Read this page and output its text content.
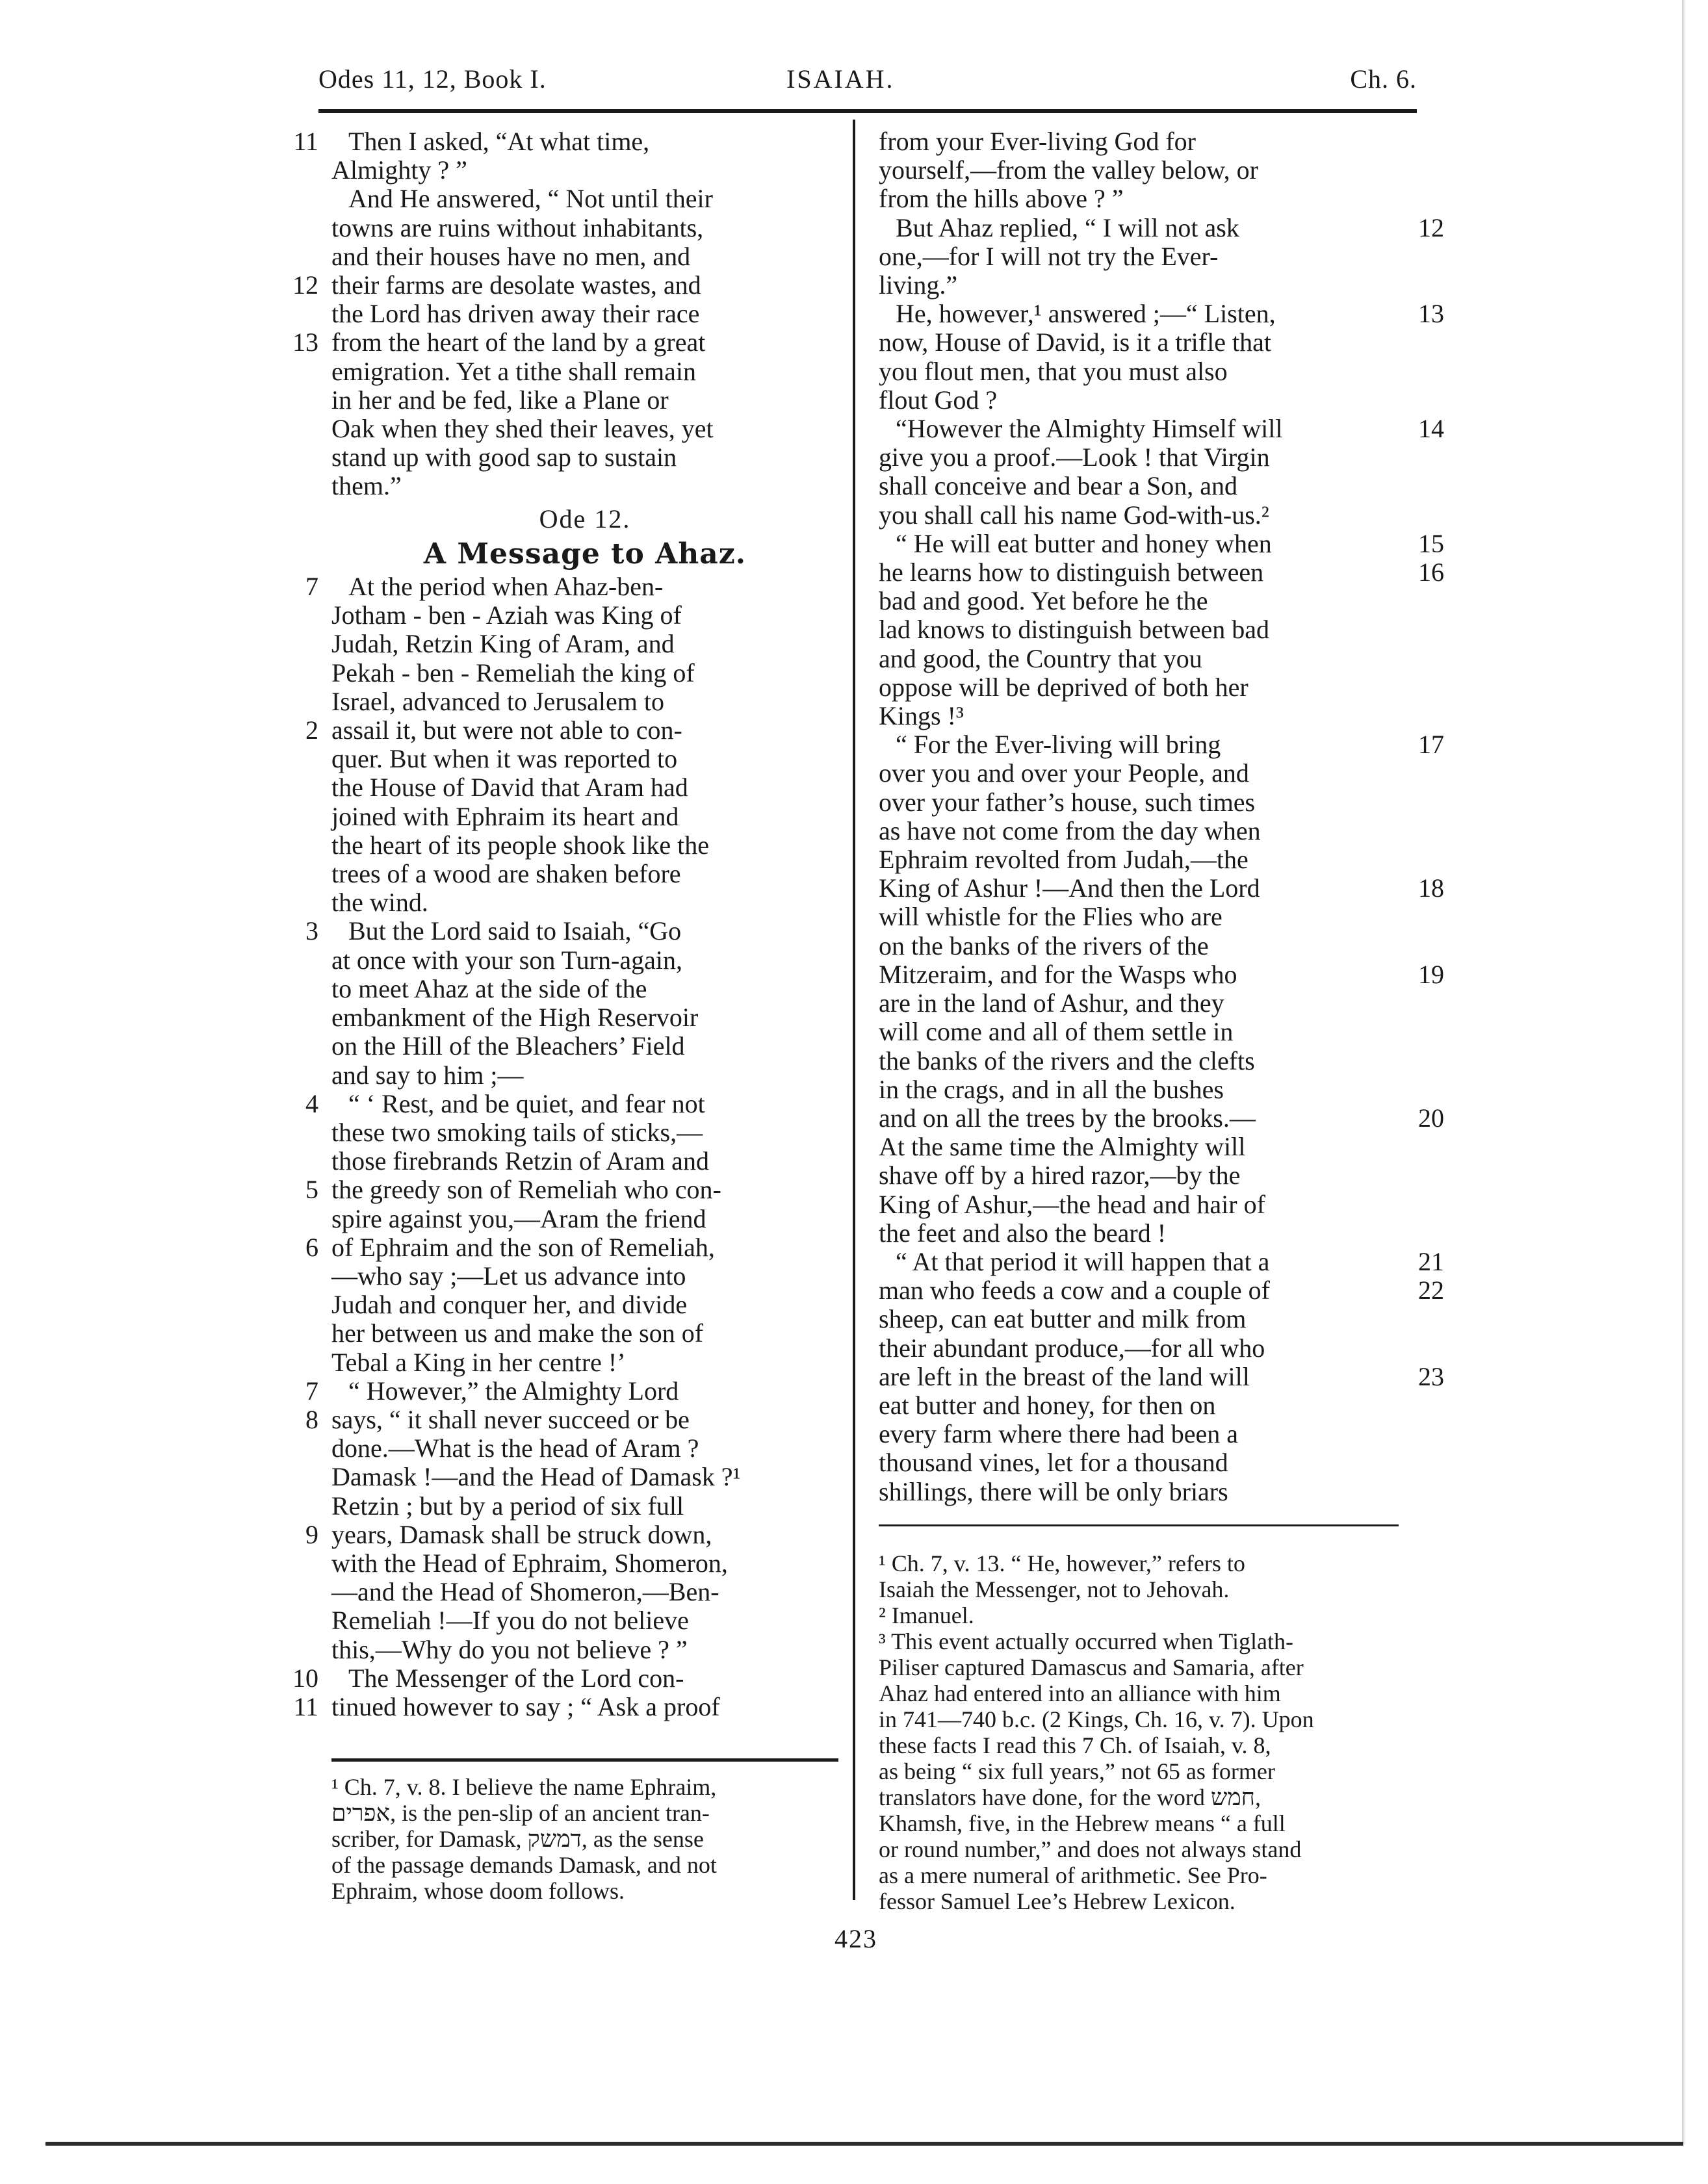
Odes 11, 12, Book I.	ISAIAH.	Ch. 6.
11	Then I asked, “At what time,
Almighty ? ”
And He answered, “ Not until their
towns are ruins without inhabitants,
and their houses have no men, and
12 their farms are desolate wastes, and
the Lord has driven away their race
13 from the heart of the land by a great
emigration. Yet a tithe shall remain
in her and be fed, like a Plane or
Oak when they shed their leaves, yet
stand up with good sap to sustain
them.”
Ode 12.
A Message to Ahaz.
7	At the period when Ahaz-ben-
Jotham - ben - Aziah was King of
Judah, Retzin King of Aram, and
Pekah - ben - Remeliah the king of
Israel, advanced to Jerusalem to
2 assail it, but were not able to con-
quer. But when it was reported to
the House of David that Aram had
joined with Ephraim its heart and
the heart of its people shook like the
trees of a wood are shaken before
the wind.
3	But the Lord said to Isaiah, “Go
at once with your son Turn-again,
to meet Ahaz at the side of the
embankment of the High Reservoir
on the Hill of the Bleachers’ Field
and say to him ;—
4	“ ‘ Rest, and be quiet, and fear not
these two smoking tails of sticks,—
those firebrands Retzin of Aram and
5 the greedy son of Remeliah who con-
spire against you,—Aram the friend
6 of Ephraim and the son of Remeliah,
—who say ;—Let us advance into
Judah and conquer her, and divide
her between us and make the son of
Tebal a King in her centre !’
7	“ However,” the Almighty Lord
8 says, “ it shall never succeed or be
done.—What is the head of Aram ?
Damask !—and the Head of Damask ?¹
Retzin ; but by a period of six full
9 years, Damask shall be struck down,
with the Head of Ephraim, Shomeron,
—and the Head of Shomeron,—Ben-
Remeliah !—If you do not believe
this,—Why do you not believe ? ”
10	The Messenger of the Lord con-
11 tinued however to say ; “ Ask a proof
from your Ever-living God for
yourself,—from the valley below, or
from the hills above ? ”
12
But Ahaz replied, “ I will not ask
one,—for I will not try the Ever-
living.”
13
He, however,¹ answered ;—“ Listen,
now, House of David, is it a trifle that
you flout men, that you must also
flout God ?
14
“However the Almighty Himself will
give you a proof.—Look ! that Virgin
shall conceive and bear a Son, and
you shall call his name God-with-us.²
15
“ He will eat butter and honey when
16
he learns how to distinguish between
bad and good. Yet before he the
lad knows to distinguish between bad
and good, the Country that you
oppose will be deprived of both her
Kings !³
17
“ For the Ever-living will bring
over you and over your People, and
over your father’s house, such times
as have not come from the day when
Ephraim revolted from Judah,—the
18
King of Ashur !—And then the Lord
will whistle for the Flies who are
on the banks of the rivers of the
19
Mitzeraim, and for the Wasps who
are in the land of Ashur, and they
will come and all of them settle in
the banks of the rivers and the clefts
in the crags, and in all the bushes
20
and on all the trees by the brooks.—
At the same time the Almighty will
shave off by a hired razor,—by the
King of Ashur,—the head and hair of
the feet and also the beard !
21
“ At that period it will happen that a
22
man who feeds a cow and a couple of
sheep, can eat butter and milk from
their abundant produce,—for all who
23
are left in the breast of the land will
eat butter and honey, for then on
every farm where there had been a
thousand vines, let for a thousand
shillings, there will be only briars
¹ Ch. 7, v. 8. I believe the name Ephraim,
אפרים, is the pen-slip of an ancient tran-
scriber, for Damask, דמשק, as the sense
of the passage demands Damask, and not
Ephraim, whose doom follows.
¹ Ch. 7, v. 13. “ He, however,” refers to
Isaiah the Messenger, not to Jehovah.
² Imanuel.
³ This event actually occurred when Tiglath-
Piliser captured Damascus and Samaria, after
Ahaz had entered into an alliance with him
in 741—740 b.c. (2 Kings, Ch. 16, v. 7). Upon
these facts I read this 7 Ch. of Isaiah, v. 8,
as being “ six full years,” not 65 as former
translators have done, for the word חמש,
Khamsh, five, in the Hebrew means “ a full
or round number,” and does not always stand
as a mere numeral of arithmetic. See Pro-
fessor Samuel Lee’s Hebrew Lexicon.
423
